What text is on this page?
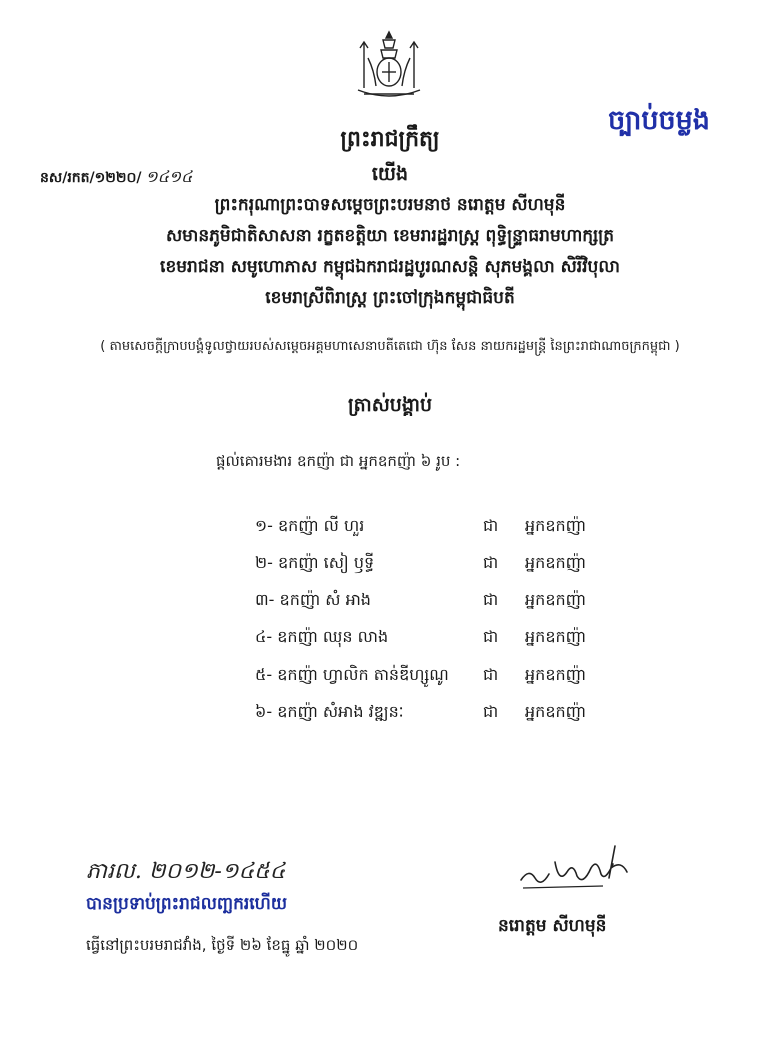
ច្បាប់ចម្លង
ព្រះរាជក្រឹត្យ
នស/រកត/១២២០/ ១៤១៤	យើង
ព្រះករុណាព្រះបាទសម្តេចព្រះបរមនាថ នរោត្តម សីហមុនី
សមានភូមិជាតិសាសនា រក្ខតខត្តិយា ខេមរារដ្ឋរាស្ត្រ ពុទ្ធិន្ទ្រាធរាមហាក្សត្រ
ខេមរាជនា សមូហោភាស កម្ពុជឯករាជរដ្ឋបូរណសន្តិ សុភមង្គលា សិរីវិបុលា
ខេមរាស្រីពិរាស្ត្រ ព្រះចៅក្រុងកម្ពុជាធិបតី
( តាមសេចក្តីក្រាបបង្គំទូលថ្វាយរបស់សម្តេចអគ្គមហាសេនាបតីតេជោ ហ៊ុន សែន នាយករដ្ឋមន្ត្រី នៃព្រះរាជាណាចក្រកម្ពុជា )
ត្រាស់បង្គាប់
ផ្តល់គោរមងារ ឧកញ៉ា ជា អ្នកឧកញ៉ា ៦ រូប :
១- ឧកញ៉ា លី ហួរ	ជា អ្នកឧកញ៉ា
២- ឧកញ៉ា សៀ ឫទ្ធី	ជា អ្នកឧកញ៉ា
៣- ឧកញ៉ា សំ អាង	ជា អ្នកឧកញ៉ា
៤- ឧកញ៉ា ឈុន លាង	ជា អ្នកឧកញ៉ា
៥- ឧកញ៉ា ហ្វាលិក តាន់ឌីហ្សូណូ ជា អ្នកឧកញ៉ា
៦- ឧកញ៉ា សំអាង វឌ្ឍនៈ	ជា អ្នកឧកញ៉ា
ភារល. ២០១២-១៤៥៤
បានប្រទាប់ព្រះរាជលញ្ឆករហើយ
នរោត្តម សីហមុនី
ធ្វើនៅព្រះបរមរាជវាំង, ថ្ងៃទី ២៦ ខែធ្នូ ឆ្នាំ ២០២០
